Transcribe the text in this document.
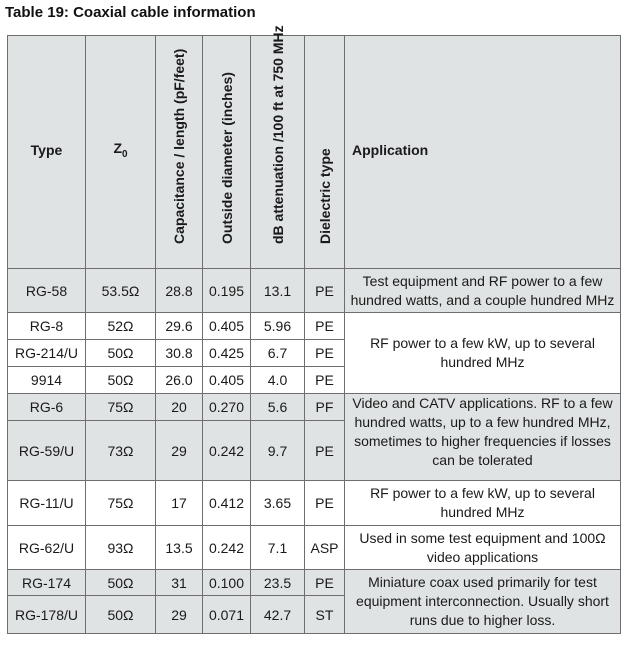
Table 19: Coaxial cable information
Type	$Z_0$	Capacitance / length (pF/feet)	Outside diameter (inches)	dB attenuation /100 ft at 750 MHz	Dielectric type	Application
RG-58	53.5Ω	28.8	0.195	13.1	PE	Test equipment and RF power to a few hundred watts, and a couple hundred MHz
RG-8	52Ω	29.6	0.405	5.96	PE	RF power to a few kW, up to several hundred MHz
RG-214/U	50Ω	30.8	0.425	6.7	PE	
9914	50Ω	26.0	0.405	4.0	PE	
RG-6	75Ω	20	0.270	5.6	PF	Video and CATV applications. RF to a few hundred watts, up to a few hundred MHz, sometimes to higher frequencies if losses can be tolerated
RG-59/U	73Ω	29	0.242	9.7	PE	
RG-11/U	75Ω	17	0.412	3.65	PE	RF power to a few kW, up to several hundred MHz
RG-62/U	93Ω	13.5	0.242	7.1	ASP	Used in some test equipment and 100Ω video applications
RG-174	50Ω	31	0.100	23.5	PE	Miniature coax used primarily for test equipment interconnection. Usually short runs due to higher loss.
RG-178/U	50Ω	29	0.071	42.7	ST	
